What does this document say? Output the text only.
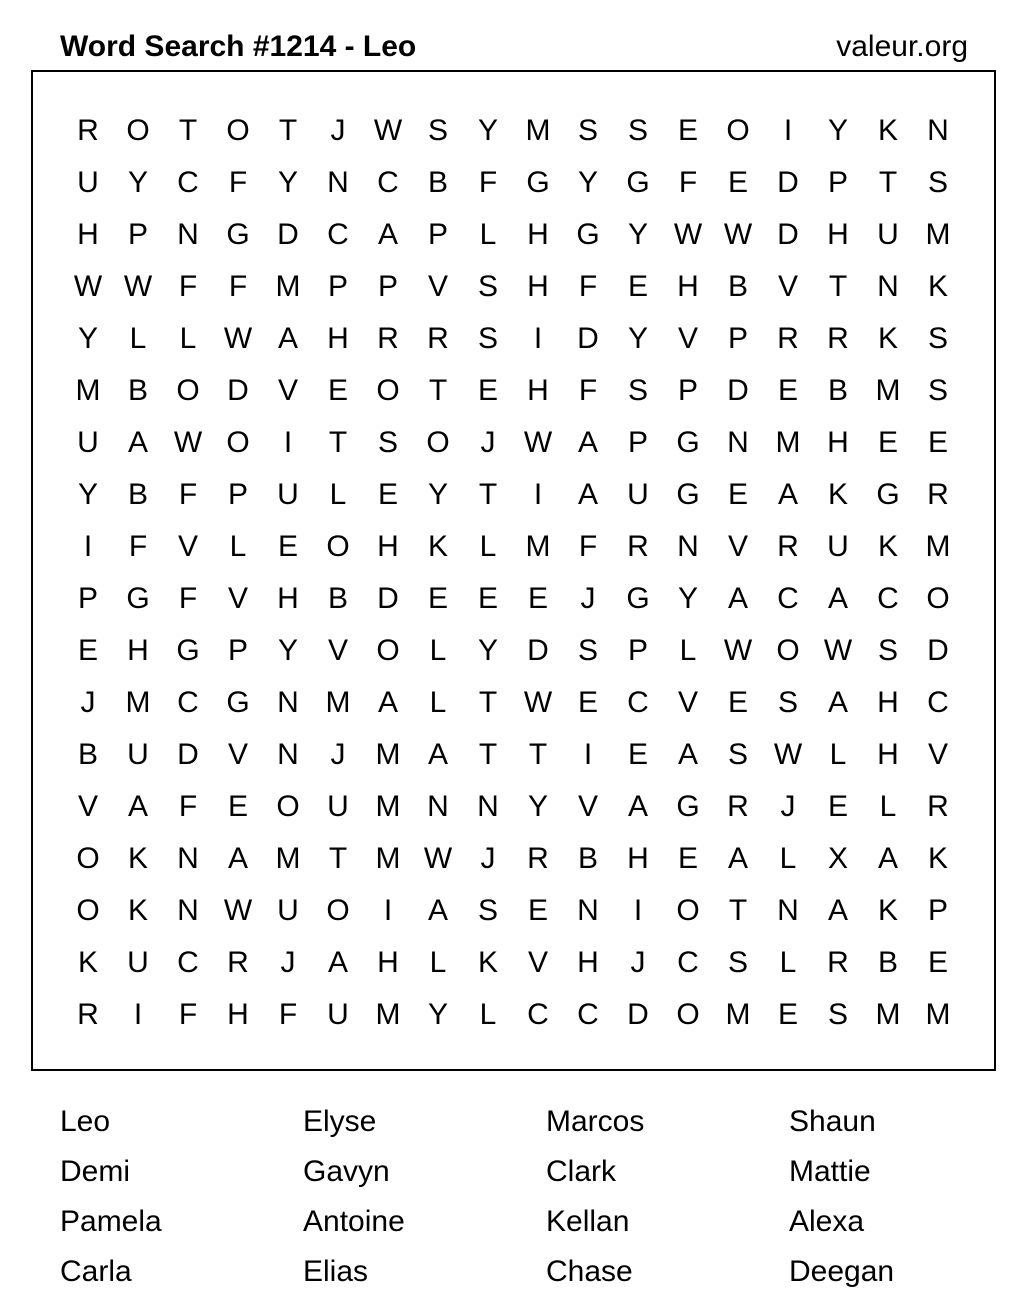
Word Search #1214 - Leo	valeur.org
R O T O T	J W S Y M S S E O	I	Y K N
U Y C	F	Y N C B	F G Y G F	E D P	T	S
H P N G D C A P	L	H G Y W W D H U M
W W F	F M P P V S H	F	E H B V	T	N K
Y	L	L W A H R R S	I	D Y V P R R K S
M B O D V E O T	E H	F	S P D E B M S
U A W O	I	T	S O	J W A P G N M H E E
Y B	F	P U	L	E Y	T	I	A U G E A K G R
I	F	V	L	E O H K	L M F	R N V R U K M
P G F	V H B D E E E	J	G Y A C A C O
E H G P Y V O L	Y D S P	L W O W S D
J	M C G N M A	L	T W E C V E S A H C
B U D V N	J	M A	T	T	I	E A S W L	H V
V A	F	E O U M N N Y V A G R	J	E	L	R
O K N A M T M W J	R B H E A	L	X A K
O K N W U O	I	A S E N	I	O T	N A K P
K U C R	J	A H	L	K V H	J	C S	L	R B E
R	I	F	H	F	U M Y	L	C C D O M E S M M
Leo	Elyse	Marcos	Shaun
Demi	Gavyn	Clark	Mattie
Pamela	Antoine	Kellan	Alexa
Carla	Elias	Chase	Deegan
